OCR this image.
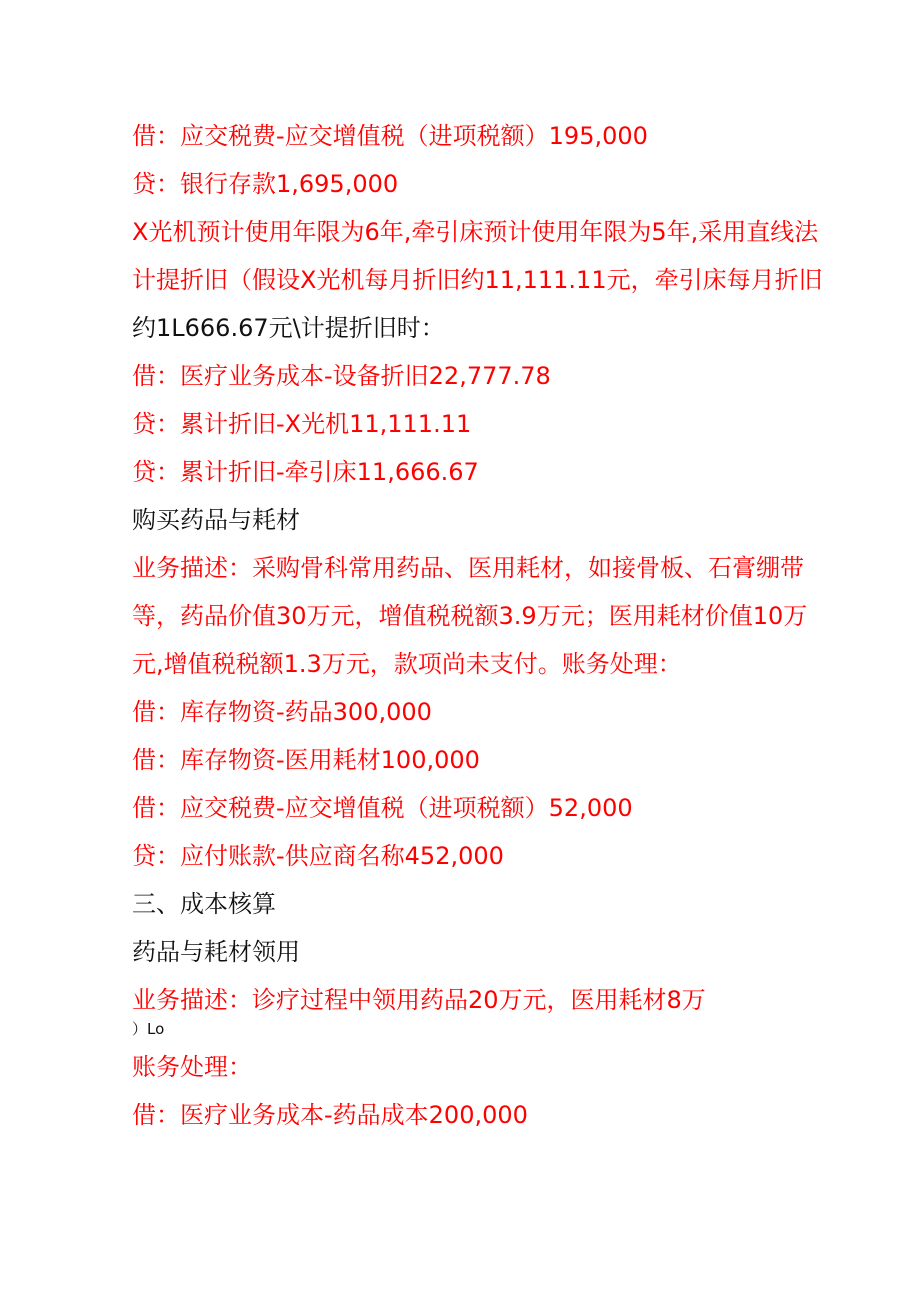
借：应交税费-应交增值税（进项税额）195,000
贷：银行存款1,695,000
X光机预计使用年限为6年,牵引床预计使用年限为5年,采用直线法
计提折旧（假设X光机每月折旧约11,111.11元，牵引床每月折旧
约1L666.67元\计提折旧时：
借：医疗业务成本-设备折旧22,777.78
贷：累计折旧-X光机11,111.11
贷：累计折旧-牵引床11,666.67
购买药品与耗材
业务描述：采购骨科常用药品、医用耗材，如接骨板、石膏绷带
等，药品价值30万元，增值税税额3.9万元；医用耗材价值10万
元,增值税税额1.3万元，款项尚未支付。账务处理：
借：库存物资-药品300,000
借：库存物资-医用耗材100,000
借：应交税费-应交增值税（进项税额）52,000
贷：应付账款-供应商名称452,000
三、成本核算
药品与耗材领用
业务描述：诊疗过程中领用药品20万元，医用耗材8万
）Lo
账务处理：
借：医疗业务成本-药品成本200,000
